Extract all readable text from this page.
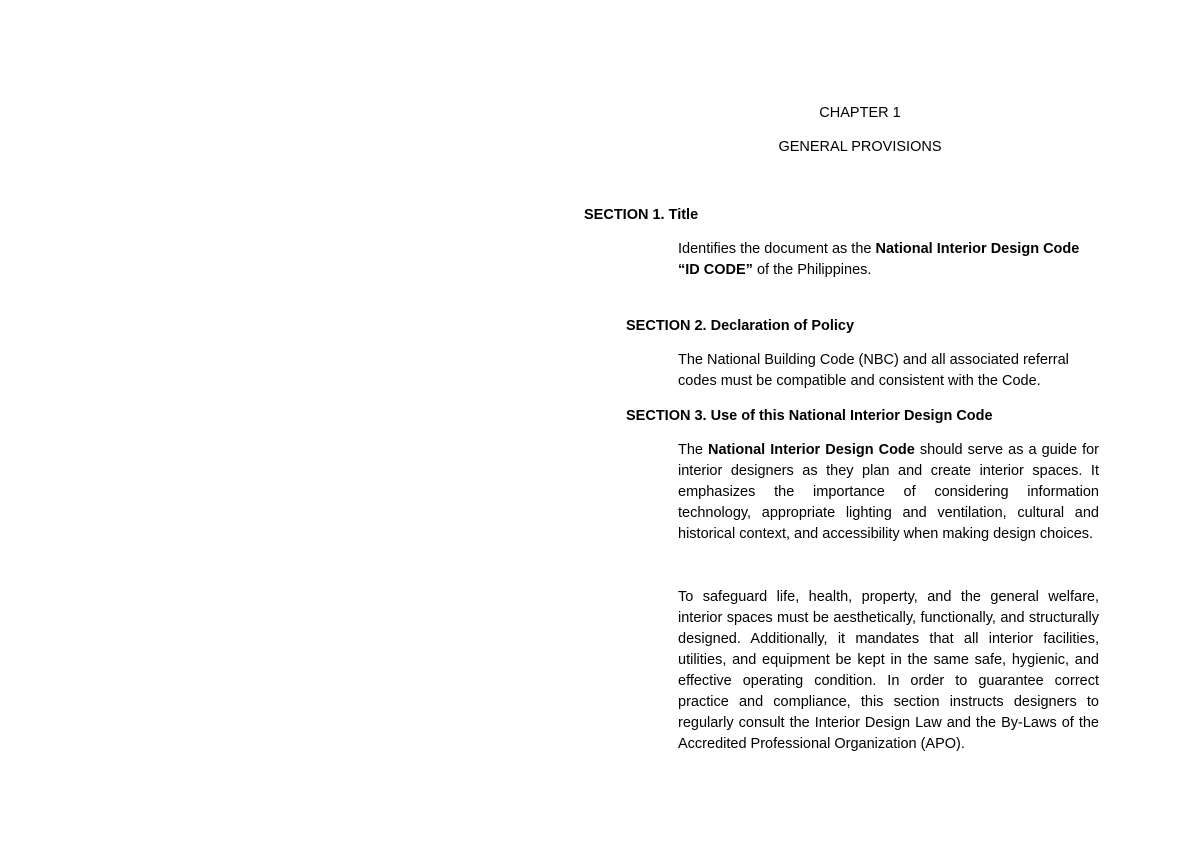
CHAPTER 1
GENERAL PROVISIONS
SECTION 1. Title

Identifies the document as the National Interior Design Code
“ID CODE” of the Philippines.

SECTION 2. Declaration of Policy

The National Building Code (NBC) and all associated referral codes must be compatible and consistent with the Code.

SECTION 3. Use of this National Interior Design Code

The National Interior Design Code should serve as a guide for interior designers as they plan and create interior spaces. It emphasizes the importance of considering information technology, appropriate lighting and ventilation, cultural and historical context, and accessibility when making design choices.

To safeguard life, health, property, and the general welfare, interior spaces must be aesthetically, functionally, and structurally designed. Additionally, it mandates that all interior facilities, utilities, and equipment be kept in the same safe, hygienic, and effective operating condition. In order to guarantee correct practice and compliance, this section instructs designers to regularly consult the Interior Design Law and the By-Laws of the Accredited Professional Organization (APO).
